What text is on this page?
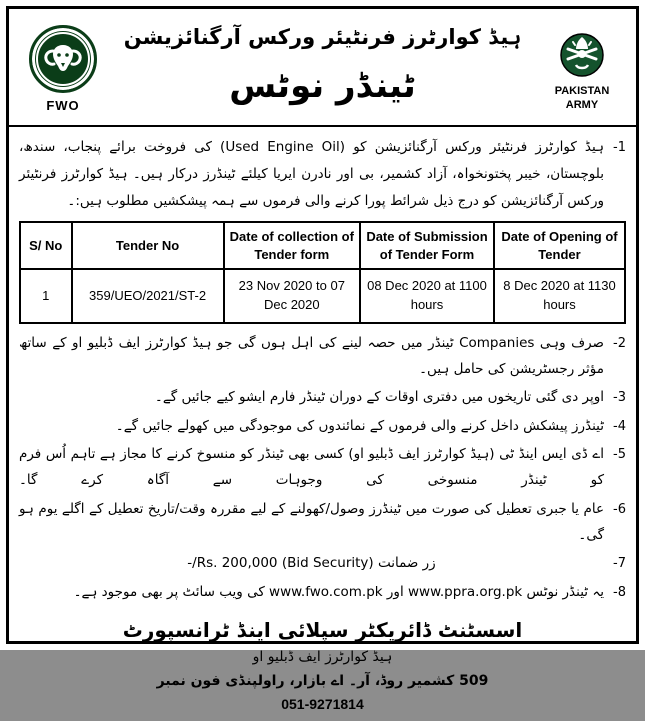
FWO
ہیڈ کوارٹرز فرنٹیئر ورکس آرگنائزیشن
ٹینڈر نوٹس	PAKISTAN
ARMY
1-
ہیڈ کوارٹرز فرنٹیئر ورکس آرگنائزیشن کو (Used Engine Oil) کی فروخت برائے پنجاب، سندھ، بلوچستان، خیبر پختونخواہ، آزاد کشمیر، بی اور نادرن ایریا کیلئے ٹینڈرز درکار ہیں۔ ہیڈ کوارٹرز فرنٹیئر ورکس آرگنائزیشن کو درج ذیل شرائط پورا کرنے والی فرموں سے ہمہ پیشکشیں مطلوب ہیں:۔
S/ No	Tender No	Date of collection of Tender form	Date of Submission of Tender Form	Date of Opening of Tender
1	359/UEO/2021/ST-2	23 Nov 2020 to 07 Dec 2020	08 Dec 2020 at 1100 hours	8 Dec 2020 at 1130 hours
2-
صرف وہی Companies ٹینڈر میں حصہ لینے کی اہل ہوں گی جو ہیڈ کوارٹرز ایف ڈبلیو او کے ساتھ مؤثر رجسٹریشن کی حامل ہیں۔
3-
اوپر دی گئی تاریخوں میں دفتری اوقات کے دوران ٹینڈر فارم ایشو کیے جائیں گے۔
4-
ٹینڈرز پیشکش داخل کرنے والی فرموں کے نمائندوں کی موجودگی میں کھولے جائیں گے۔
5-
اے ڈی ایس اینڈ ٹی (ہیڈ کوارٹرز ایف ڈبلیو او) کسی بھی ٹینڈر کو منسوخ کرنے کا مجاز ہے تاہم اُس فرم کو ٹینڈر منسوخی کی وجوہات سے آگاہ کرے گا۔
6-
عام یا جبری تعطیل کی صورت میں ٹینڈرز وصول/کھولنے کے لیے مقررہ وقت/تاریخ تعطیل کے اگلے یوم ہو گی۔
7-
زر ضمانت (Bid Security) Rs. 200,000/-
8-
یہ ٹینڈر نوٹس www.ppra.org.pk اور www.fwo.com.pk کی ویب سائٹ پر بھی موجود ہے۔
اسسٹنٹ ڈائریکٹر سپلائی اینڈ ٹرانسپورٹ
ہیڈ کوارٹرز ایف ڈبلیو او
509 کشمیر روڈ، آر۔ اے بازار، راولپنڈی فون نمبر
051-9271814
